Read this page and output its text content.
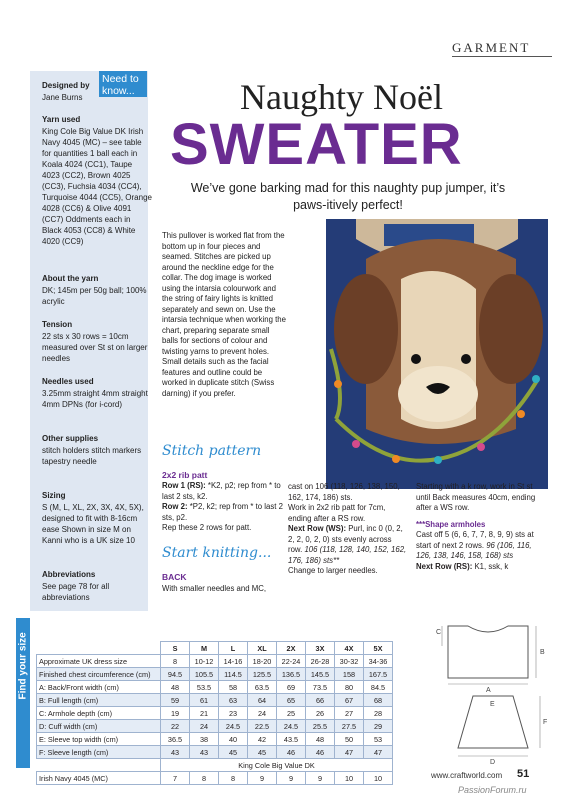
GARMENT
Need to know...
Designed by
Jane Burns
Yarn used
King Cole Big Value DK Irish Navy 4045 (MC) – see table for quantities 1 ball each in Koala 4024 (CC1), Taupe 4023 (CC2), Brown 4025 (CC3), Fuchsia 4034 (CC4), Turquoise 4044 (CC5), Orange 4028 (CC6) & Olive 4091 (CC7) Oddments each in Black 4053 (CC8) & White 4020 (CC9)
About the yarn
DK; 145m per 50g ball; 100% acrylic
Tension
22 sts x 30 rows = 10cm measured over St st on larger needles
Needles used
3.25mm straight 4mm straight 4mm DPNs (for i-cord)
Other supplies
stitch holders stitch markers tapestry needle
Sizing
S (M, L, XL, 2X, 3X, 4X, 5X), designed to fit with 8-16cm ease Shown in size M on Kanni who is a UK size 10
Abbreviations
See page 78 for all abbreviations
Naughty Noël
SWEATER
We’ve gone barking mad for this naughty pup jumper, it’s paws-itively perfect!
This pullover is worked flat from the bottom up in four pieces and seamed. Stitches are picked up around the neckline edge for the collar. The dog image is worked using the intarsia colourwork and the string of fairy lights is knitted separately and sewn on. Use the intarsia technique when working the chart, preparing separate small balls for sections of colour and twisting yarns to prevent holes. Small details such as the facial features and outline could be worked in duplicate stitch (Swiss darning) if you prefer.
Stitch pattern
2x2 rib patt
Row 1 (RS): *K2, p2; rep from * to last 2 sts, k2.
Row 2: *P2, k2; rep from * to last 2 sts, p2.
Rep these 2 rows for patt.
Start knitting...
BACK
With smaller needles and MC,
cast on 106 (118, 126, 138, 150, 162, 174, 186) sts.
Work in 2x2 rib patt for 7cm, ending after a RS row.
Next Row (WS): Purl, inc 0 (0, 2, 2, 2, 0, 2, 0) sts evenly across row. 106 (118, 128, 140, 152, 162, 176, 186) sts**
Change to larger needles.
Starting with a k row, work in St st until Back measures 40cm, ending after a WS row.
***Shape armholes
Cast off 5 (6, 6, 7, 7, 8, 9, 9) sts at start of next 2 rows. 96 (106, 116, 126, 138, 146, 158, 168) sts
Next Row (RS): K1, ssk, k
Find your size
		S	M	L	XL	2X	3X	4X	5X
Approximate UK dress size	8	10-12	14-16	18-20	22-24	26-28	30-32	34-36
Finished chest circumference (cm)	94.5	105.5	114.5	125.5	136.5	145.5	158	167.5
A: Back/Front width (cm)	48	53.5	58	63.5	69	73.5	80	84.5
B: Full length (cm)	59	61	63	64	65	66	67	68
C: Armhole depth (cm)	19	21	23	24	25	26	27	28
D: Cuff width (cm)	22	24	24.5	22.5	24.5	25.5	27.5	29
E: Sleeve top width (cm)	36.5	38	40	42	43.5	48	50	53
F: Sleeve length (cm)	43	43	45	45	46	46	47	47
	King Cole Big Value DK							
Irish Navy 4045 (MC)	7	8	8	9	9	9	10	10
C
B
A
E
F
D
www.craftworld.com 51
PassionForum.ru
